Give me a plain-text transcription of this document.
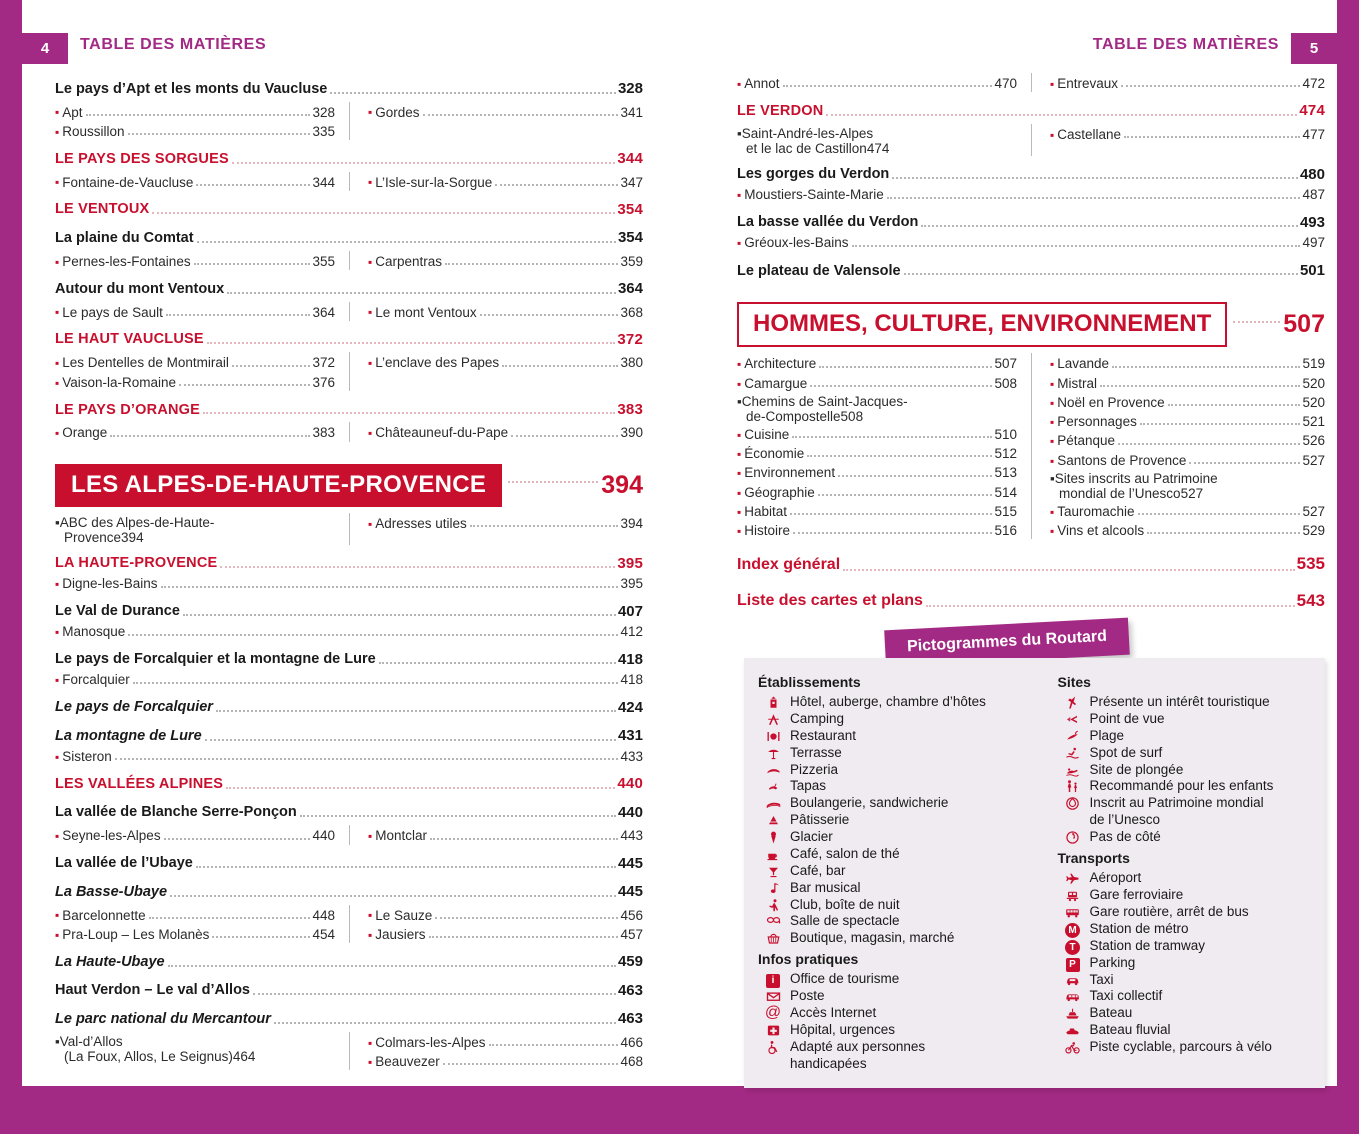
4	5
TABLE DES MATIÈRES	TABLE DES MATIÈRES
Le pays d’Apt et les monts du Vaucluse	328
▪ Apt	328
▪ Roussillon	335
▪ Gordes	341
LE PAYS DES SORGUES	344
▪ Fontaine-de-Vaucluse	344	▪ L’Isle-sur-la-Sorgue	347
LE VENTOUX	354
La plaine du Comtat	354
▪ Pernes-les-Fontaines	355	▪ Carpentras	359
Autour du mont Ventoux	364
▪ Le pays de Sault	364	▪ Le mont Ventoux	368
LE HAUT VAUCLUSE	372
▪ Les Dentelles de Montmirail	372
▪ Vaison-la-Romaine	376
▪ L’enclave des Papes	380
LE PAYS D’ORANGE	383
▪ Orange	383	▪ Châteauneuf-du-Pape	390
LES ALPES-DE-HAUTE-PROVENCE	394
▪ABC des Alpes-de-Haute-
Provence 394
▪ Adresses utiles	394
LA HAUTE-PROVENCE	395
▪ Digne-les-Bains	395
Le Val de Durance	407
▪ Manosque	412
Le pays de Forcalquier et la montagne de Lure	418
▪ Forcalquier	418
Le pays de Forcalquier	424
La montagne de Lure	431
▪ Sisteron	433
LES VALLÉES ALPINES	440
La vallée de Blanche Serre-Ponçon	440
▪ Seyne-les-Alpes	440	▪ Montclar	443
La vallée de l’Ubaye	445
La Basse-Ubaye	445
▪ Barcelonnette	448
▪ Pra-Loup – Les Molanès	454
▪ Le Sauze	456
▪ Jausiers	457
La Haute-Ubaye	459
Haut Verdon – Le val d’Allos	463
Le parc national du Mercantour	463
▪Val-d’Allos
(La Foux, Allos, Le Seignus) 464
▪ Colmars-les-Alpes	466
▪ Beauvezer	468
▪ Annot	470	▪ Entrevaux	472
LE VERDON	474
▪Saint-André-les-Alpes
et le lac de Castillon 474
▪ Castellane	477
Les gorges du Verdon	480
▪ Moustiers-Sainte-Marie	487
La basse vallée du Verdon	493
▪ Gréoux-les-Bains	497
Le plateau de Valensole	501
HOMMES, CULTURE, ENVIRONNEMENT	507
▪ Architecture	507
▪ Camargue	508
▪Chemins de Saint-Jacques-
de-Compostelle 508
▪ Cuisine	510
▪ Économie	512
▪ Environnement	513
▪ Géographie	514
▪ Habitat	515
▪ Histoire	516
▪ Lavande	519
▪ Mistral	520
▪ Noël en Provence	520
▪ Personnages	521
▪ Pétanque	526
▪ Santons de Provence	527
▪Sites inscrits au Patrimoine
mondial de l’Unesco 527
▪ Tauromachie	527
▪ Vins et alcools	529
Index général	535
Liste des cartes et plans	543
Pictogrammes du Routard
Établissements
Hôtel, auberge, chambre d’hôtes
Camping
Restaurant
Terrasse
Pizzeria
Tapas
Boulangerie, sandwicherie
Pâtisserie
Glacier
Café, salon de thé
Café, bar
Bar musical
Club, boîte de nuit
Salle de spectacle
Boutique, magasin, marché
Infos pratiques
i	Office de tourisme
Poste
@ Accès Internet
Hôpital, urgences
Adapté aux personnes
handicapées
Sites
Présente un intérêt touristique
Point de vue
Plage
Spot de surf
Site de plongée
Recommandé pour les enfants
Inscrit au Patrimoine mondial
de l’Unesco
Pas de côté
Transports
Aéroport
Gare ferroviaire
Gare routière, arrêt de bus
M Station de métro
T	Station de tramway
P	Parking
Taxi
Taxi collectif
Bateau
Bateau fluvial
Piste cyclable, parcours à vélo
